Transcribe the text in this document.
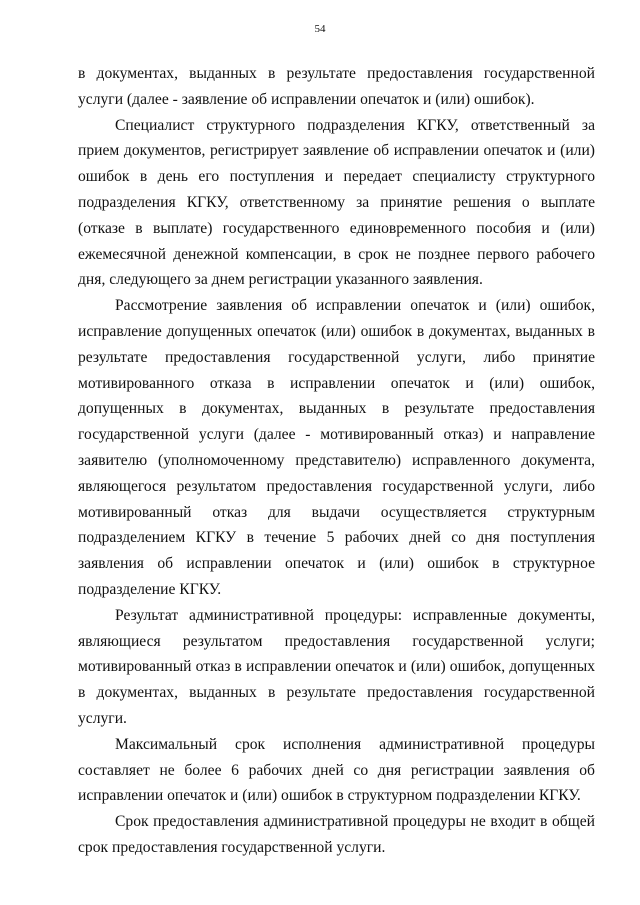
54

в документах, выданных в результате предоставления государственной услуги (далее - заявление об исправлении опечаток и (или) ошибок).

Специалист структурного подразделения КГКУ, ответственный за прием документов, регистрирует заявление об исправлении опечаток и (или) ошибок в день его поступления и передает специалисту структурного подразделения КГКУ, ответственному за принятие решения о выплате (отказе в выплате) государственного единовременного пособия и (или) ежемесячной денежной компенсации, в срок не позднее первого рабочего дня, следующего за днем регистрации указанного заявления.

Рассмотрение заявления об исправлении опечаток и (или) ошибок, исправление допущенных опечаток (или) ошибок в документах, выданных в результате предоставления государственной услуги, либо принятие мотивированного отказа в исправлении опечаток и (или) ошибок, допущенных в документах, выданных в результате предоставления государственной услуги (далее - мотивированный отказ) и направление заявителю (уполномоченному представителю) исправленного документа, являющегося результатом предоставления государственной услуги, либо мотивированный отказ для выдачи осуществляется структурным подразделением КГКУ в течение 5 рабочих дней со дня поступления заявления об исправлении опечаток и (или) ошибок в структурное подразделение КГКУ.

Результат административной процедуры: исправленные документы, являющиеся результатом предоставления государственной услуги; мотивированный отказ в исправлении опечаток и (или) ошибок, допущенных в документах, выданных в результате предоставления государственной услуги.

Максимальный срок исполнения административной процедуры составляет не более 6 рабочих дней со дня регистрации заявления об исправлении опечаток и (или) ошибок в структурном подразделении КГКУ.

Срок предоставления административной процедуры не входит в общей срок предоставления государственной услуги.
